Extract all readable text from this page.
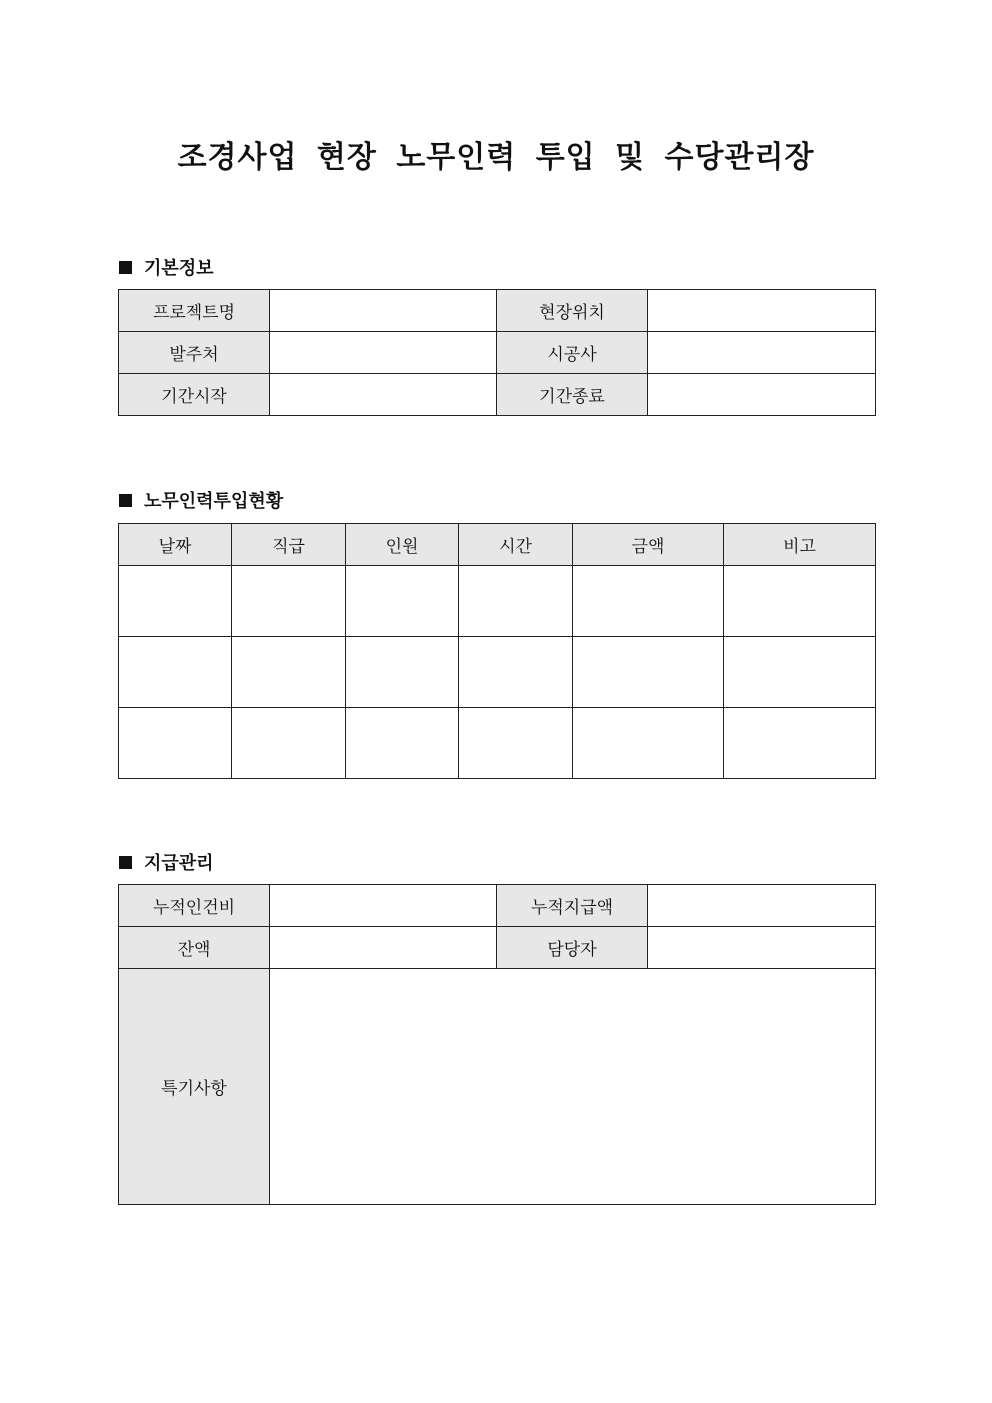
조경사업 현장 노무인력 투입 및 수당관리장
기본정보
프로젝트명		현장위치	
발주처		시공사	
기간시작		기간종료	
노무인력투입현황
날짜	직급	인원	시간	금액	비고

지급관리
누적인건비		누적지급액	
잔액		담당자	
특기사항			
